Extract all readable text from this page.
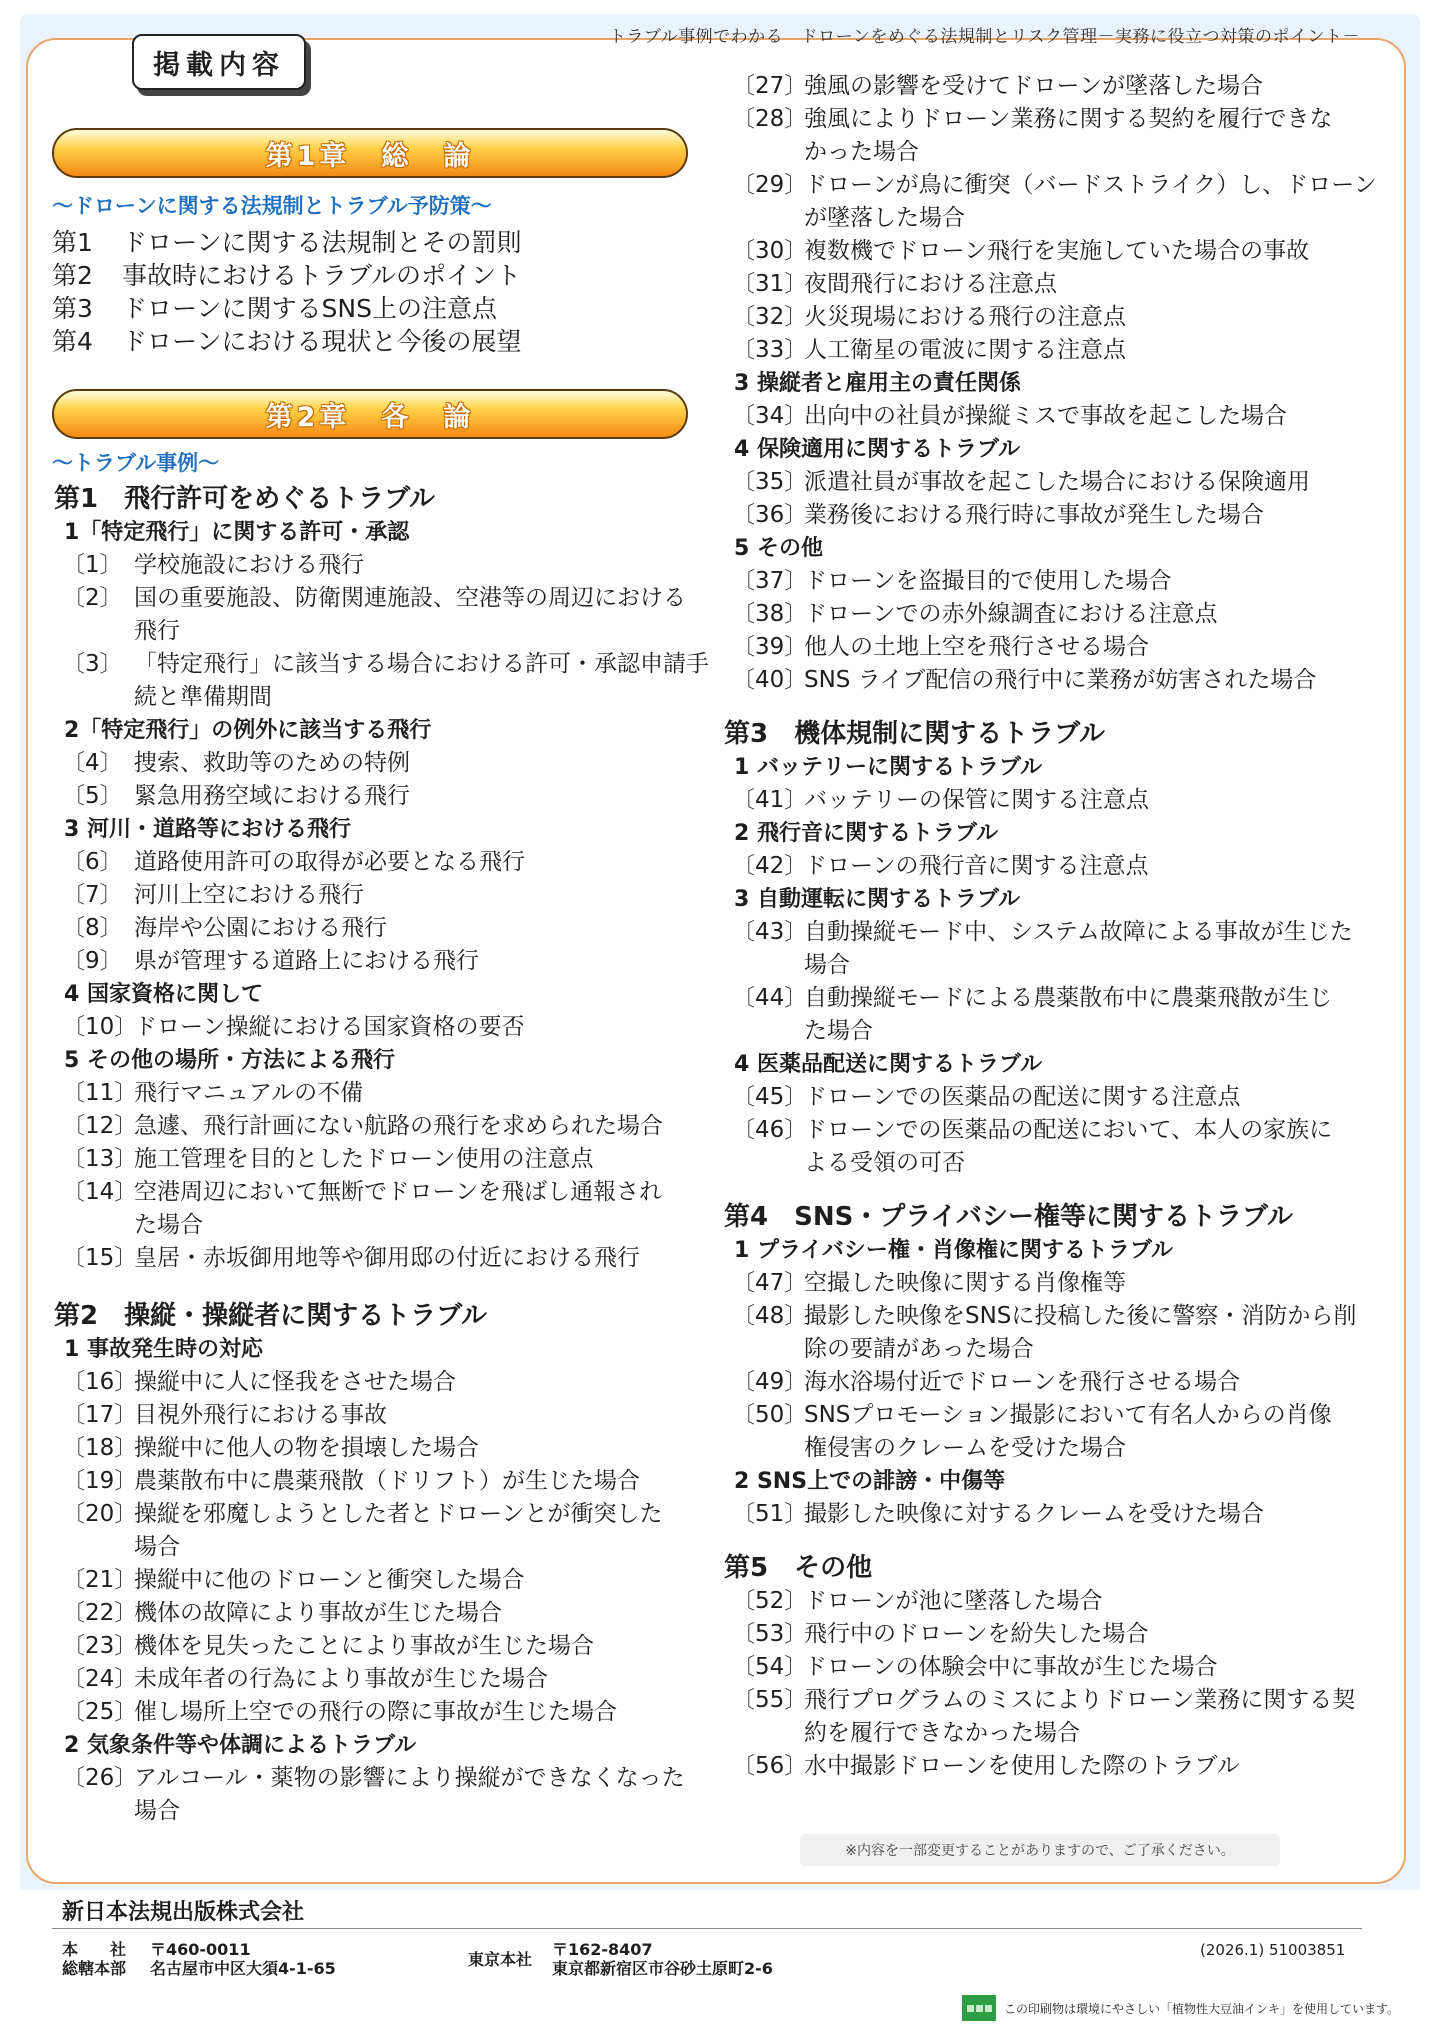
トラブル事例でわかる　ドローンをめぐる法規制とリスク管理－実務に役立つ対策のポイント－
掲載内容
第1章　総　論
～ドローンに関する法規制とトラブル予防策～
第1 ドローンに関する法規制とその罰則
第2 事故時におけるトラブルのポイント
第3 ドローンに関するSNS上の注意点
第4 ドローンにおける現状と今後の展望
第2章　各　論
～トラブル事例～
第1　飛行許可をめぐるトラブル
1「特定飛行」に関する許可・承認
〔1〕 学校施設における飛行
〔2〕 国の重要施設、防衛関連施設、空港等の周辺における
飛行
〔3〕 「特定飛行」に該当する場合における許可・承認申請手
続と準備期間
2「特定飛行」の例外に該当する飛行
〔4〕 捜索、救助等のための特例
〔5〕 緊急用務空域における飛行
3 河川・道路等における飛行
〔6〕 道路使用許可の取得が必要となる飛行
〔7〕 河川上空における飛行
〔8〕 海岸や公園における飛行
〔9〕 県が管理する道路上における飛行
4 国家資格に関して
〔10〕
ドローン操縦における国家資格の要否
5 その他の場所・方法による飛行
〔11〕
飛行マニュアルの不備
〔12〕
急遽、飛行計画にない航路の飛行を求められた場合
〔13〕
施工管理を目的としたドローン使用の注意点
〔14〕
空港周辺において無断でドローンを飛ばし通報され
た場合
〔15〕
皇居・赤坂御用地等や御用邸の付近における飛行
第2　操縦・操縦者に関するトラブル
1 事故発生時の対応
〔16〕
操縦中に人に怪我をさせた場合
〔17〕
目視外飛行における事故
〔18〕
操縦中に他人の物を損壊した場合
〔19〕
農薬散布中に農薬飛散（ドリフト）が生じた場合
〔20〕
操縦を邪魔しようとした者とドローンとが衝突した
場合
〔21〕
操縦中に他のドローンと衝突した場合
〔22〕
機体の故障により事故が生じた場合
〔23〕
機体を見失ったことにより事故が生じた場合
〔24〕
未成年者の行為により事故が生じた場合
〔25〕
催し場所上空での飛行の際に事故が生じた場合
2 気象条件等や体調によるトラブル
〔26〕
アルコール・薬物の影響により操縦ができなくなった
場合
〔27〕
強風の影響を受けてドローンが墜落した場合
〔28〕
強風によりドローン業務に関する契約を履行できな
かった場合
〔29〕
ドローンが鳥に衝突（バードストライク）し、ドローン
が墜落した場合
〔30〕
複数機でドローン飛行を実施していた場合の事故
〔31〕
夜間飛行における注意点
〔32〕
火災現場における飛行の注意点
〔33〕
人工衛星の電波に関する注意点
3 操縦者と雇用主の責任関係
〔34〕
出向中の社員が操縦ミスで事故を起こした場合
4 保険適用に関するトラブル
〔35〕
派遣社員が事故を起こした場合における保険適用
〔36〕
業務後における飛行時に事故が発生した場合
5 その他
〔37〕
ドローンを盗撮目的で使用した場合
〔38〕
ドローンでの赤外線調査における注意点
〔39〕
他人の土地上空を飛行させる場合
〔40〕
SNS ライブ配信の飛行中に業務が妨害された場合
第3　機体規制に関するトラブル
1 バッテリーに関するトラブル
〔41〕
バッテリーの保管に関する注意点
2 飛行音に関するトラブル
〔42〕
ドローンの飛行音に関する注意点
3 自動運転に関するトラブル
〔43〕
自動操縦モード中、システム故障による事故が生じた
場合
〔44〕
自動操縦モードによる農薬散布中に農薬飛散が生じ
た場合
4 医薬品配送に関するトラブル
〔45〕
ドローンでの医薬品の配送に関する注意点
〔46〕
ドローンでの医薬品の配送において、本人の家族に
よる受領の可否
第4　SNS・プライバシー権等に関するトラブル
1 プライバシー権・肖像権に関するトラブル
〔47〕
空撮した映像に関する肖像権等
〔48〕
撮影した映像をSNSに投稿した後に警察・消防から削
除の要請があった場合
〔49〕
海水浴場付近でドローンを飛行させる場合
〔50〕
SNSプロモーション撮影において有名人からの肖像
権侵害のクレームを受けた場合
2 SNS上での誹謗・中傷等
〔51〕
撮影した映像に対するクレームを受けた場合
第5　その他
〔52〕
ドローンが池に墜落した場合
〔53〕
飛行中のドローンを紛失した場合
〔54〕
ドローンの体験会中に事故が生じた場合
〔55〕
飛行プログラムのミスによりドローン業務に関する契
約を履行できなかった場合
〔56〕
水中撮影ドローンを使用した際のトラブル
※内容を一部変更することがありますので、ご了承ください。
新日本法規出版株式会社
本　　社
総轄本部
〒460-0011
名古屋市中区大須4-1-65	東京本社
〒162-8407
東京都新宿区市谷砂土原町2-6
(2026.1) 51003851
この印刷物は環境にやさしい「植物性大豆油インキ」を使用しています。
